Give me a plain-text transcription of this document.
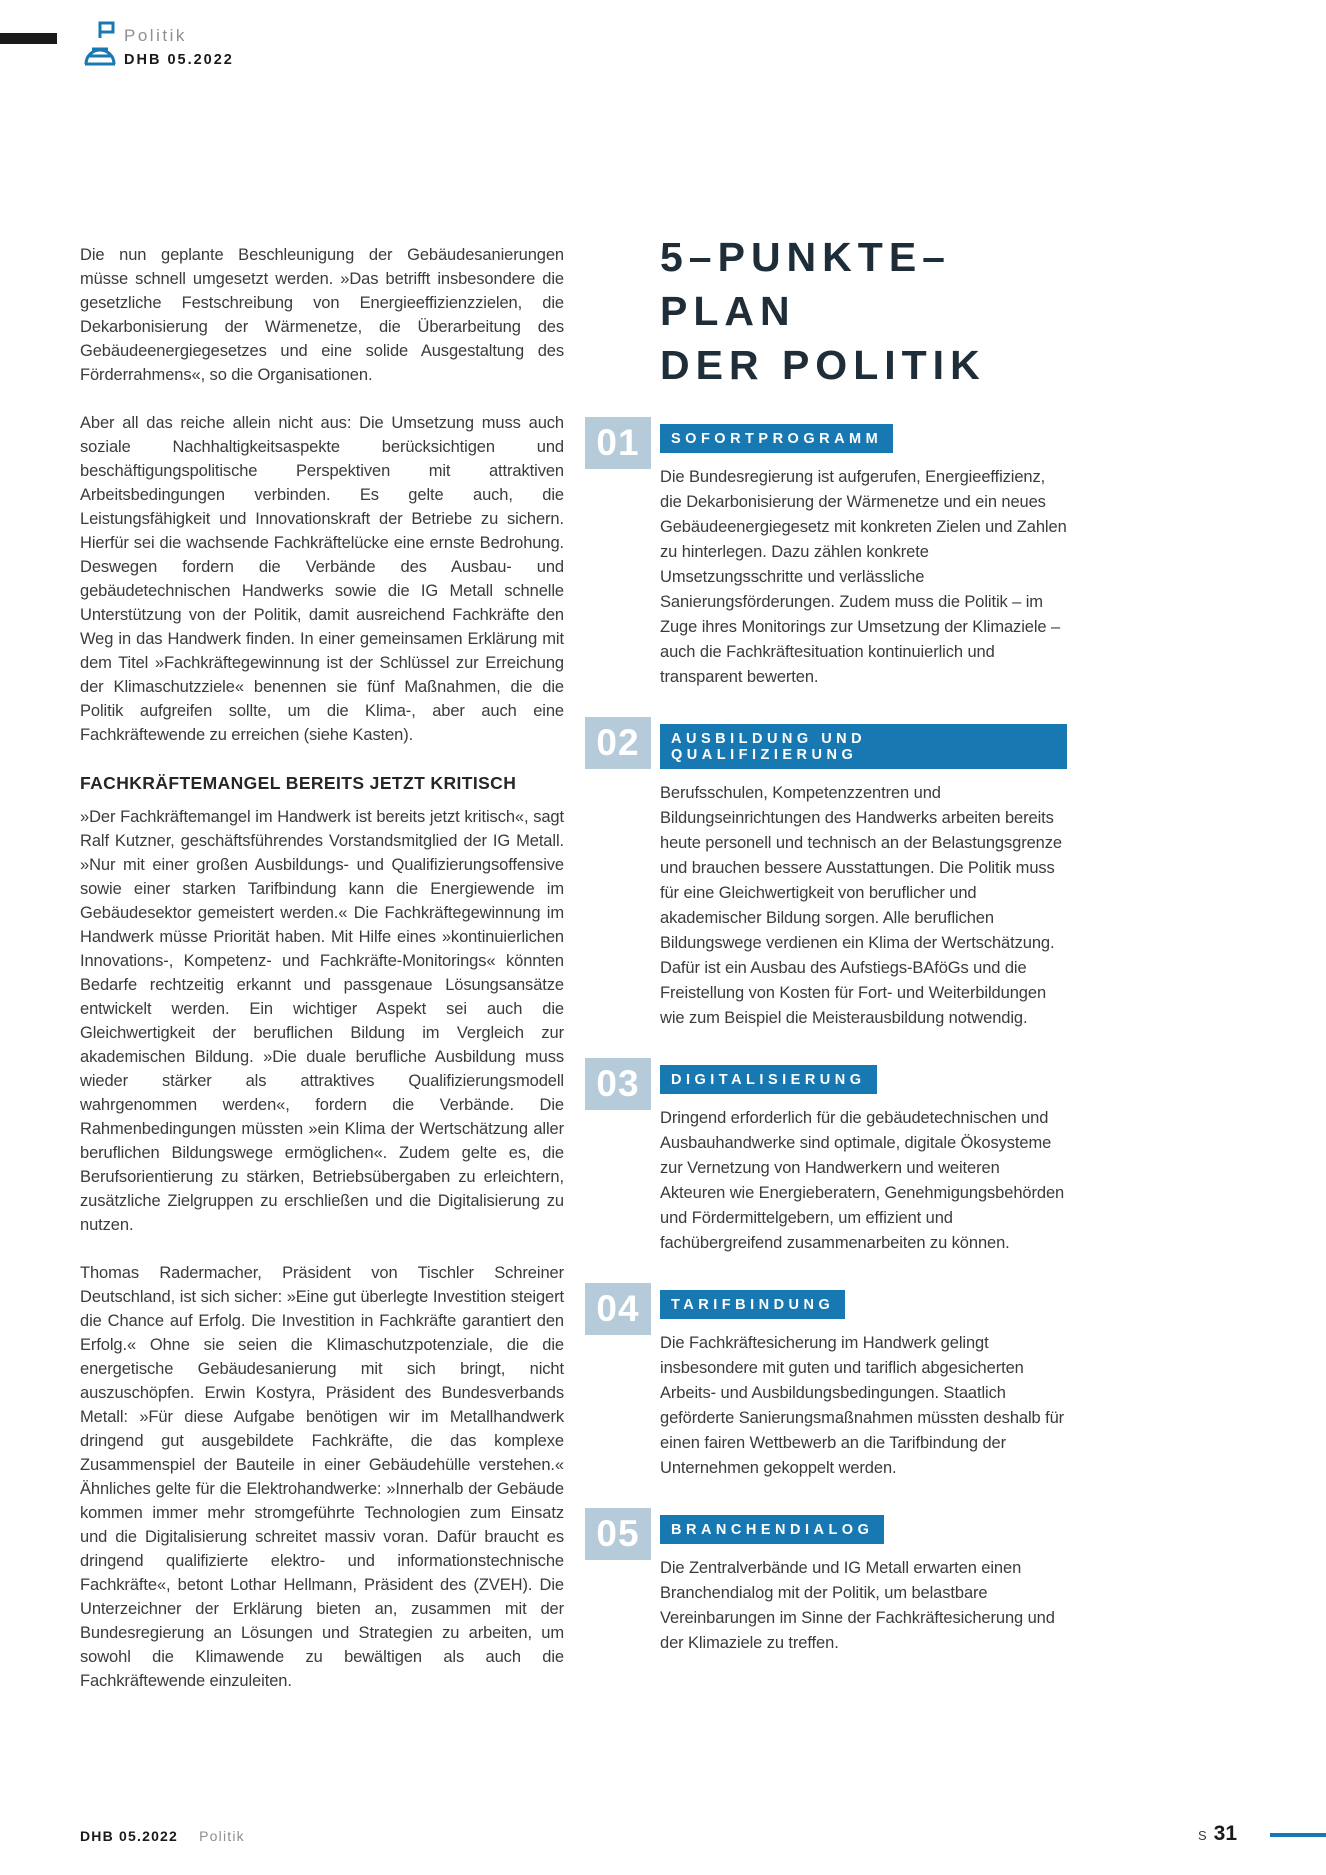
Politik
DHB 05.2022

Die nun geplante Beschleunigung der Gebäudesanierungen müsse schnell umgesetzt werden. »Das betrifft insbesondere die gesetzliche Festschreibung von Energieeffizienzzielen, die Dekarbonisierung der Wärmenetze, die Überarbeitung des Gebäudeenergiegesetzes und eine solide Ausgestaltung des Förderrahmens«, so die Organisationen.

Aber all das reiche allein nicht aus: Die Umsetzung muss auch soziale Nachhaltigkeitsaspekte berücksichtigen und beschäftigungspolitische Perspektiven mit attraktiven Arbeitsbedingungen verbinden. Es gelte auch, die Leistungsfähigkeit und Innovationskraft der Betriebe zu sichern. Hierfür sei die wachsende Fachkräftelücke eine ernste Bedrohung. Deswegen fordern die Verbände des Ausbau- und gebäudetechnischen Handwerks sowie die IG Metall schnelle Unterstützung von der Politik, damit ausreichend Fachkräfte den Weg in das Handwerk finden. In einer gemeinsamen Erklärung mit dem Titel »Fachkräftegewinnung ist der Schlüssel zur Erreichung der Klimaschutzziele« benennen sie fünf Maßnahmen, die die Politik aufgreifen sollte, um die Klima-, aber auch eine Fachkräftewende zu erreichen (siehe Kasten).

FACHKRÄFTEMANGEL BEREITS JETZT KRITISCH

»Der Fachkräftemangel im Handwerk ist bereits jetzt kritisch«, sagt Ralf Kutzner, geschäftsführendes Vorstandsmitglied der IG Metall. »Nur mit einer großen Ausbildungs- und Qualifizierungsoffensive sowie einer starken Tarifbindung kann die Energiewende im Gebäudesektor gemeistert werden.« Die Fachkräftegewinnung im Handwerk müsse Priorität haben. Mit Hilfe eines »kontinuierlichen Innovations-, Kompetenz- und Fachkräfte-Monitorings« könnten Bedarfe rechtzeitig erkannt und passgenaue Lösungsansätze entwickelt werden. Ein wichtiger Aspekt sei auch die Gleichwertigkeit der beruflichen Bildung im Vergleich zur akademischen Bildung. »Die duale berufliche Ausbildung muss wieder stärker als attraktives Qualifizierungsmodell wahrgenommen werden«, fordern die Verbände. Die Rahmenbedingungen müssten »ein Klima der Wertschätzung aller beruflichen Bildungswege ermöglichen«. Zudem gelte es, die Berufsorientierung zu stärken, Betriebsübergaben zu erleichtern, zusätzliche Zielgruppen zu erschließen und die Digitalisierung zu nutzen.

Thomas Radermacher, Präsident von Tischler Schreiner Deutschland, ist sich sicher: »Eine gut überlegte Investition steigert die Chance auf Erfolg. Die Investition in Fachkräfte garantiert den Erfolg.« Ohne sie seien die Klimaschutzpotenziale, die die energetische Gebäudesanierung mit sich bringt, nicht auszuschöpfen. Erwin Kostyra, Präsident des Bundesverbands Metall: »Für diese Aufgabe benötigen wir im Metallhandwerk dringend gut ausgebildete Fachkräfte, die das komplexe Zusammenspiel der Bauteile in einer Gebäudehülle verstehen.« Ähnliches gelte für die Elektrohandwerke: »Innerhalb der Gebäude kommen immer mehr stromgeführte Technologien zum Einsatz und die Digitalisierung schreitet massiv voran. Dafür braucht es dringend qualifizierte elektro- und informationstechnische Fachkräfte«, betont Lothar Hellmann, Präsident des (ZVEH). Die Unterzeichner der Erklärung bieten an, zusammen mit der Bundesregierung an Lösungen und Strategien zu arbeiten, um sowohl die Klimawende zu bewältigen als auch die Fachkräftewende einzuleiten.

5–PUNKTE–PLAN
DER POLITIK
01	SOFORTPROGRAMM

Die Bundesregierung ist aufgerufen, Energieeffizienz, die Dekarbonisierung der Wärmenetze und ein neues Gebäudeenergiegesetz mit konkreten Zielen und Zahlen zu hinterlegen. Dazu zählen konkrete Umsetzungsschritte und verlässliche Sanierungsförderungen. Zudem muss die Politik – im Zuge ihres Monitorings zur Umsetzung der Klimaziele – auch die Fachkräftesituation kontinuierlich und transparent bewerten.

02	AUSBILDUNG UND QUALIFIZIERUNG

Berufsschulen, Kompetenzzentren und Bildungseinrichtungen des Handwerks arbeiten bereits heute personell und technisch an der Belastungsgrenze und brauchen bessere Ausstattungen. Die Politik muss für eine Gleichwertigkeit von beruflicher und akademischer Bildung sorgen. Alle beruflichen Bildungswege verdienen ein Klima der Wertschätzung. Dafür ist ein Ausbau des Aufstiegs-BAföGs und die Freistellung von Kosten für Fort- und Weiterbildungen wie zum Beispiel die Meisterausbildung notwendig.

03	DIGITALISIERUNG

Dringend erforderlich für die gebäudetechnischen und Ausbauhandwerke sind optimale, digitale Ökosysteme zur Vernetzung von Handwerkern und weiteren Akteuren wie Energieberatern, Genehmigungsbehörden und Fördermittelgebern, um effizient und fachübergreifend zusammenarbeiten zu können.

04	TARIFBINDUNG

Die Fachkräftesicherung im Handwerk gelingt insbesondere mit guten und tariflich abgesicherten Arbeits- und Ausbildungsbedingungen. Staatlich geförderte Sanierungsmaßnahmen müssten deshalb für einen fairen Wettbewerb an die Tarifbindung der Unternehmen gekoppelt werden.

05	BRANCHENDIALOG

Die Zentralverbände und IG Metall erwarten einen Branchendialog mit der Politik, um belastbare Vereinbarungen im Sinne der Fachkräftesicherung und der Klimaziele zu treffen.

DHB 05.2022 Politik	S 31
